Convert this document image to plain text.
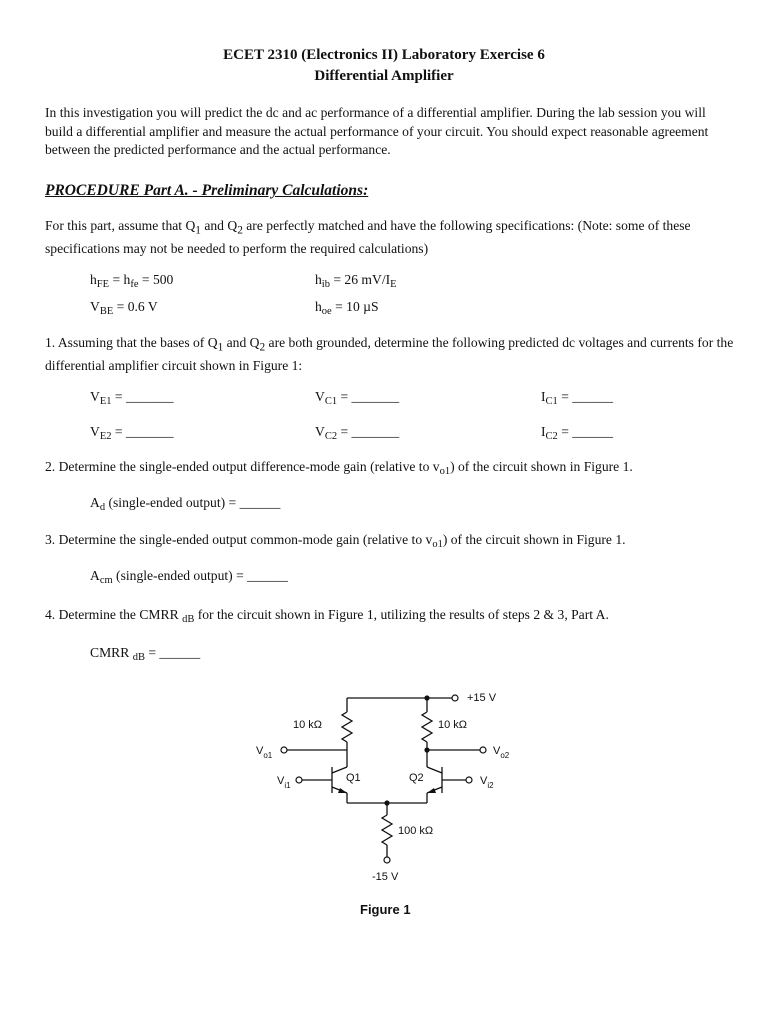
ECET 2310 (Electronics II) Laboratory Exercise 6
Differential Amplifier
In this investigation you will predict the dc and ac performance of a differential amplifier. During the lab session you will build a differential amplifier and measure the actual performance of your circuit. You should expect reasonable agreement between the predicted performance and the actual performance.
PROCEDURE Part A. - Preliminary Calculations:
For this part, assume that $Q_1$ and $Q_2$ are perfectly matched and have the following specifications: (Note: some of these specifications may not be needed to perform the required calculations)
$h_{FE} = h_{fe} = 500$	$h_{ib} = 26$ $mV/I_E$
$V_{BE} = 0.6$ V	$h_{oe} = 10$ µS
1. Assuming that the bases of $Q_1$ and $Q_2$ are both grounded, determine the following predicted dc voltages and currents for the differential amplifier circuit shown in Figure 1:
$V_{E1}$ = _______	$V_{C1}$ = _______	$I_{C1}$ = ______
$V_{E2}$ = _______	$V_{C2}$ = _______	$I_{C2}$ = ______
2. Determine the single-ended output difference-mode gain (relative to $v_{o1}$) of the circuit shown in Figure 1.
$A_d$ (single-ended output) = ______
3. Determine the single-ended output common-mode gain (relative to $v_{o1}$) of the circuit shown in Figure 1.
$A_{cm}$ (single-ended output) = ______
4. Determine the CMRR $_{dB}$ for the circuit shown in Figure 1, utilizing the results of steps 2 & 3, Part A.
CMRR $_{dB}$ = ______
+15 V
10 kΩ	10 kΩ
$V_{o1}$	$V_{o2}$
$V_{i1}$	$V_{i2}$
Q1	Q2
100 kΩ
-15 V
Figure 1
